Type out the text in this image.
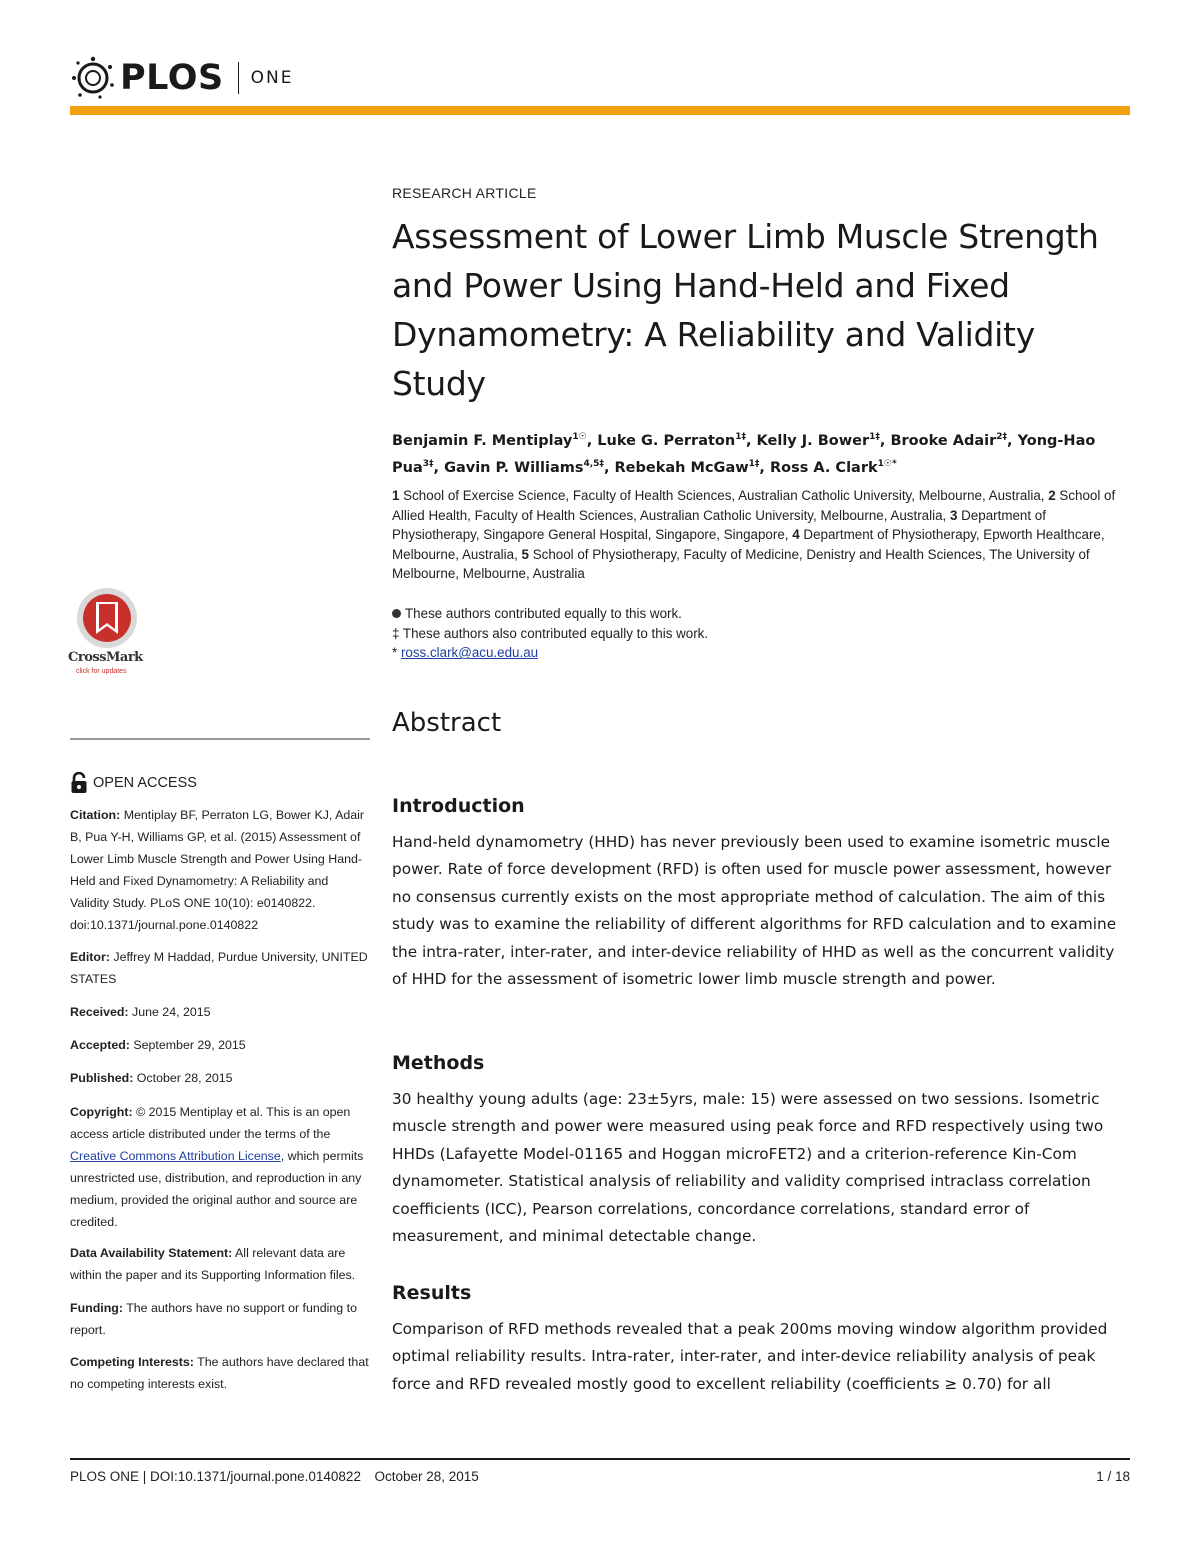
PLOS ONE
CrossMark
click for updates
OPEN ACCESS
Citation: Mentiplay BF, Perraton LG, Bower KJ, Adair B, Pua Y-H, Williams GP, et al. (2015) Assessment of Lower Limb Muscle Strength and Power Using Hand-Held and Fixed Dynamometry: A Reliability and Validity Study. PLoS ONE 10(10): e0140822. doi:10.1371/journal.pone.0140822
Editor: Jeffrey M Haddad, Purdue University, UNITED STATES
Received: June 24, 2015
Accepted: September 29, 2015
Published: October 28, 2015
Copyright: © 2015 Mentiplay et al. This is an open access article distributed under the terms of the Creative Commons Attribution License, which permits unrestricted use, distribution, and reproduction in any medium, provided the original author and source are credited.
Data Availability Statement: All relevant data are within the paper and its Supporting Information files.
Funding: The authors have no support or funding to report.
Competing Interests: The authors have declared that no competing interests exist.
RESEARCH ARTICLE
Assessment of Lower Limb Muscle Strength and Power Using Hand-Held and Fixed Dynamometry: A Reliability and Validity Study
Benjamin F. Mentiplay$^{1☉}$, Luke G. Perraton$^{1\ddagger}$, Kelly J. Bower$^{1\ddagger}$, Brooke Adair$^{2\ddagger}$, Yong-Hao Pua$^{3\ddagger}$, Gavin P. Williams$^{4,5\ddagger}$, Rebekah McGaw$^{1\ddagger}$, Ross A. Clark$^{1☉*}$
1 School of Exercise Science, Faculty of Health Sciences, Australian Catholic University, Melbourne, Australia, 2 School of Allied Health, Faculty of Health Sciences, Australian Catholic University, Melbourne, Australia, 3 Department of Physiotherapy, Singapore General Hospital, Singapore, Singapore, 4 Department of Physiotherapy, Epworth Healthcare, Melbourne, Australia, 5 School of Physiotherapy, Faculty of Medicine, Denistry and Health Sciences, The University of Melbourne, Melbourne, Australia
These authors contributed equally to this work.
‡ These authors also contributed equally to this work.
* ross.clark@acu.edu.au
Abstract
Introduction
Hand-held dynamometry (HHD) has never previously been used to examine isometric muscle power. Rate of force development (RFD) is often used for muscle power assessment, however no consensus currently exists on the most appropriate method of calculation. The aim of this study was to examine the reliability of different algorithms for RFD calculation and to examine the intra-rater, inter-rater, and inter-device reliability of HHD as well as the concurrent validity of HHD for the assessment of isometric lower limb muscle strength and power.
Methods
30 healthy young adults (age: 23±5yrs, male: 15) were assessed on two sessions. Isometric muscle strength and power were measured using peak force and RFD respectively using two HHDs (Lafayette Model-01165 and Hoggan microFET2) and a criterion-reference Kin-Com dynamometer. Statistical analysis of reliability and validity comprised intraclass correlation coefficients (ICC), Pearson correlations, concordance correlations, standard error of measurement, and minimal detectable change.
Results
Comparison of RFD methods revealed that a peak 200ms moving window algorithm provided optimal reliability results. Intra-rater, inter-rater, and inter-device reliability analysis of peak force and RFD revealed mostly good to excellent reliability (coefficients ≥ 0.70) for all
PLOS ONE | DOI:10.1371/journal.pone.0140822 October 28, 2015	1 / 18
